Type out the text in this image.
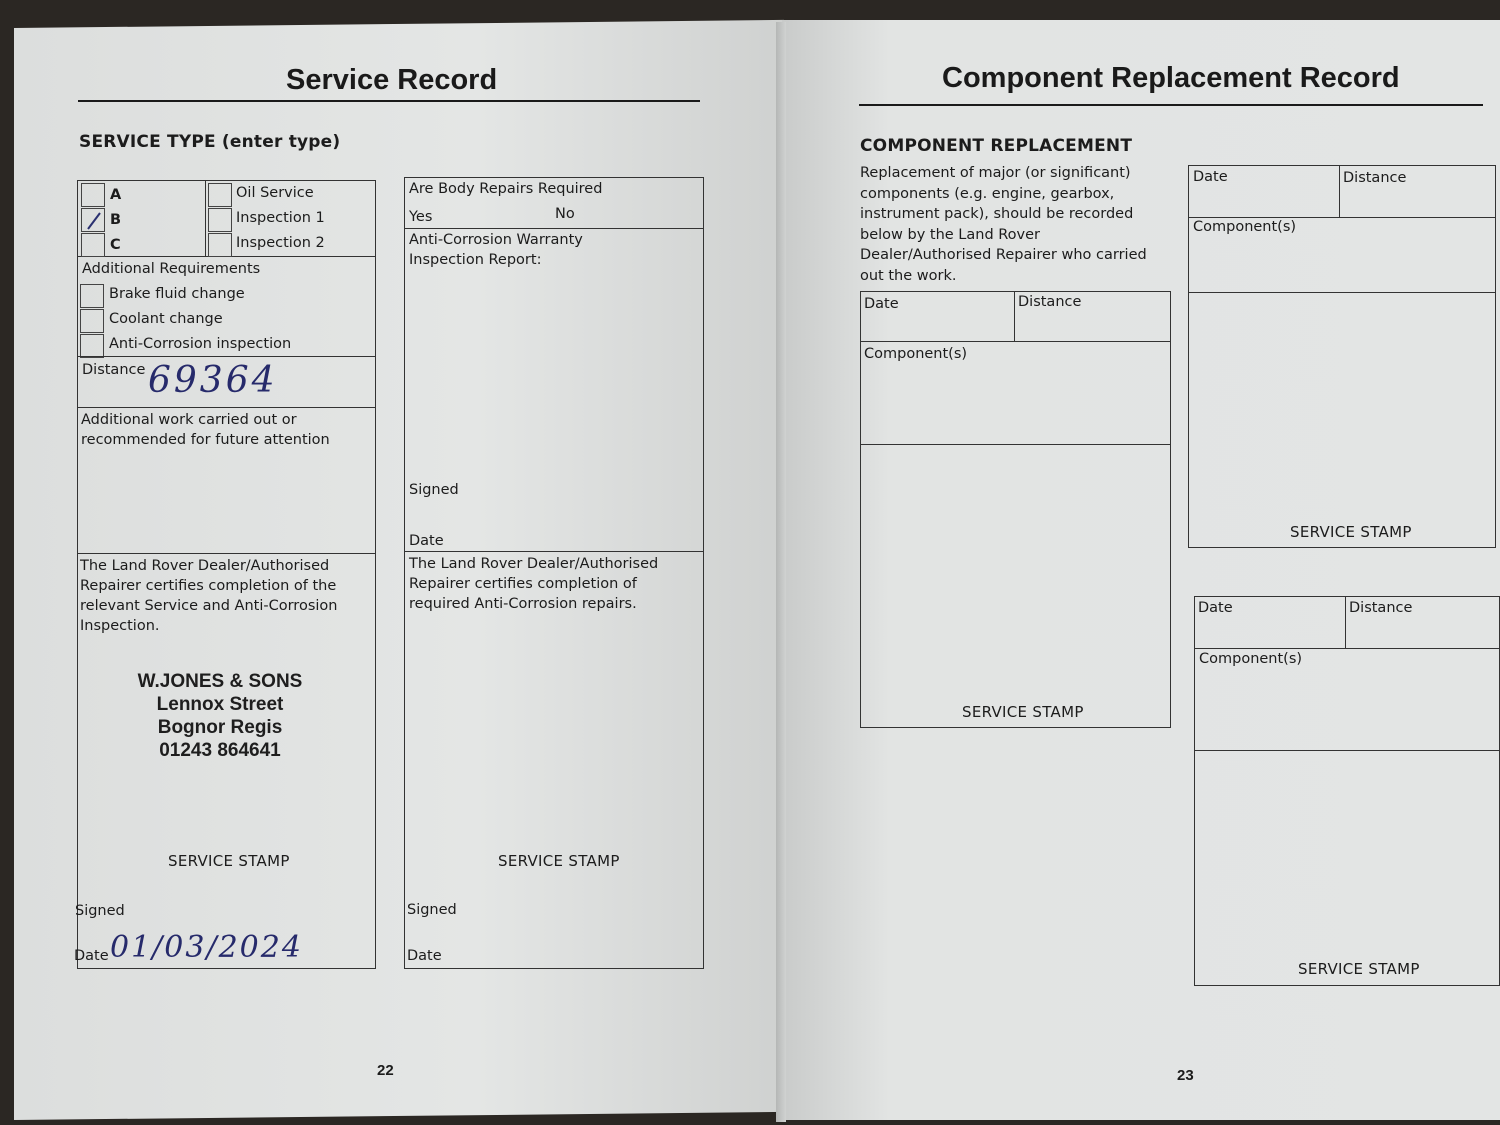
Service Record
SERVICE TYPE (enter type)
A	Oil Service
B	Inspection 1
C	Inspection 2
Additional Requirements
Brake fluid change
Coolant change
Anti-Corrosion inspection
Distance 69364
Additional work carried out or recommended for future attention
The Land Rover Dealer/Authorised Repairer certifies completion of the relevant Service and Anti-Corrosion Inspection.
W.JONES & SONS
Lennox Street
Bognor Regis
01243 864641
SERVICE STAMP
Signed
Date 01/03/2024
Are Body Repairs Required
Yes	No
Anti-Corrosion Warranty Inspection Report:
Signed
Date
The Land Rover Dealer/Authorised Repairer certifies completion of required Anti-Corrosion repairs.
SERVICE STAMP
Signed
Date
22
Component Replacement Record
COMPONENT REPLACEMENT
Replacement of major (or significant) components (e.g. engine, gearbox, instrument pack), should be recorded below by the Land Rover Dealer/Authorised Repairer who carried out the work.
Date	Distance
Component(s)
SERVICE STAMP
Date	Distance
Component(s)
SERVICE STAMP
Date	Distance
Component(s)
SERVICE STAMP
23
